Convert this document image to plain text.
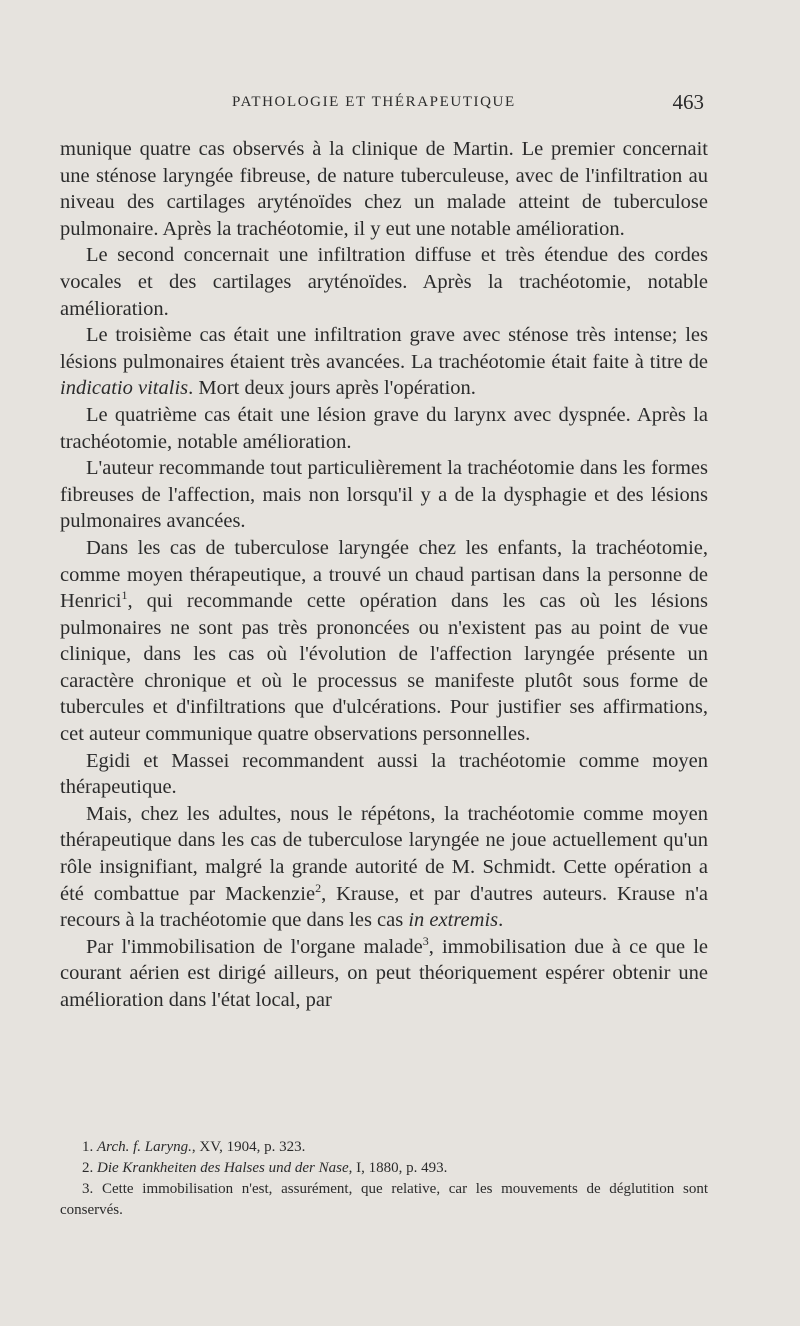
PATHOLOGIE ET THÉRAPEUTIQUE	463

munique quatre cas observés à la clinique de Martin. Le premier concernait une sténose laryngée fibreuse, de nature tuberculeuse, avec de l'infiltration au niveau des cartilages aryténoïdes chez un malade atteint de tuberculose pulmonaire. Après la trachéotomie, il y eut une notable amélioration.

Le second concernait une infiltration diffuse et très étendue des cordes vocales et des cartilages aryténoïdes. Après la trachéotomie, notable amélioration.

Le troisième cas était une infiltration grave avec sténose très intense; les lésions pulmonaires étaient très avancées. La trachéotomie était faite à titre de indicatio vitalis. Mort deux jours après l'opération.

Le quatrième cas était une lésion grave du larynx avec dyspnée. Après la trachéotomie, notable amélioration.

L'auteur recommande tout particulièrement la trachéotomie dans les formes fibreuses de l'affection, mais non lorsqu'il y a de la dysphagie et des lésions pulmonaires avancées.

Dans les cas de tuberculose laryngée chez les enfants, la trachéotomie, comme moyen thérapeutique, a trouvé un chaud partisan dans la personne de Henrici$^1$, qui recommande cette opération dans les cas où les lésions pulmonaires ne sont pas très prononcées ou n'existent pas au point de vue clinique, dans les cas où l'évolution de l'affection laryngée présente un caractère chronique et où le processus se manifeste plutôt sous forme de tubercules et d'infiltrations que d'ulcérations. Pour justifier ses affirmations, cet auteur communique quatre observations personnelles.

Egidi et Massei recommandent aussi la trachéotomie comme moyen thérapeutique.

Mais, chez les adultes, nous le répétons, la trachéotomie comme moyen thérapeutique dans les cas de tuberculose laryngée ne joue actuellement qu'un rôle insignifiant, malgré la grande autorité de M. Schmidt. Cette opération a été combattue par Mackenzie$^2$, Krause, et par d'autres auteurs. Krause n'a recours à la trachéotomie que dans les cas in extremis.

Par l'immobilisation de l'organe malade$^3$, immobilisation due à ce que le courant aérien est dirigé ailleurs, on peut théoriquement espérer obtenir une amélioration dans l'état local, par

1. Arch. f. Laryng., XV, 1904, p. 323.

2. Die Krankheiten des Halses und der Nase, I, 1880, p. 493.

3. Cette immobilisation n'est, assurément, que relative, car les mouvements de déglutition sont conservés.
